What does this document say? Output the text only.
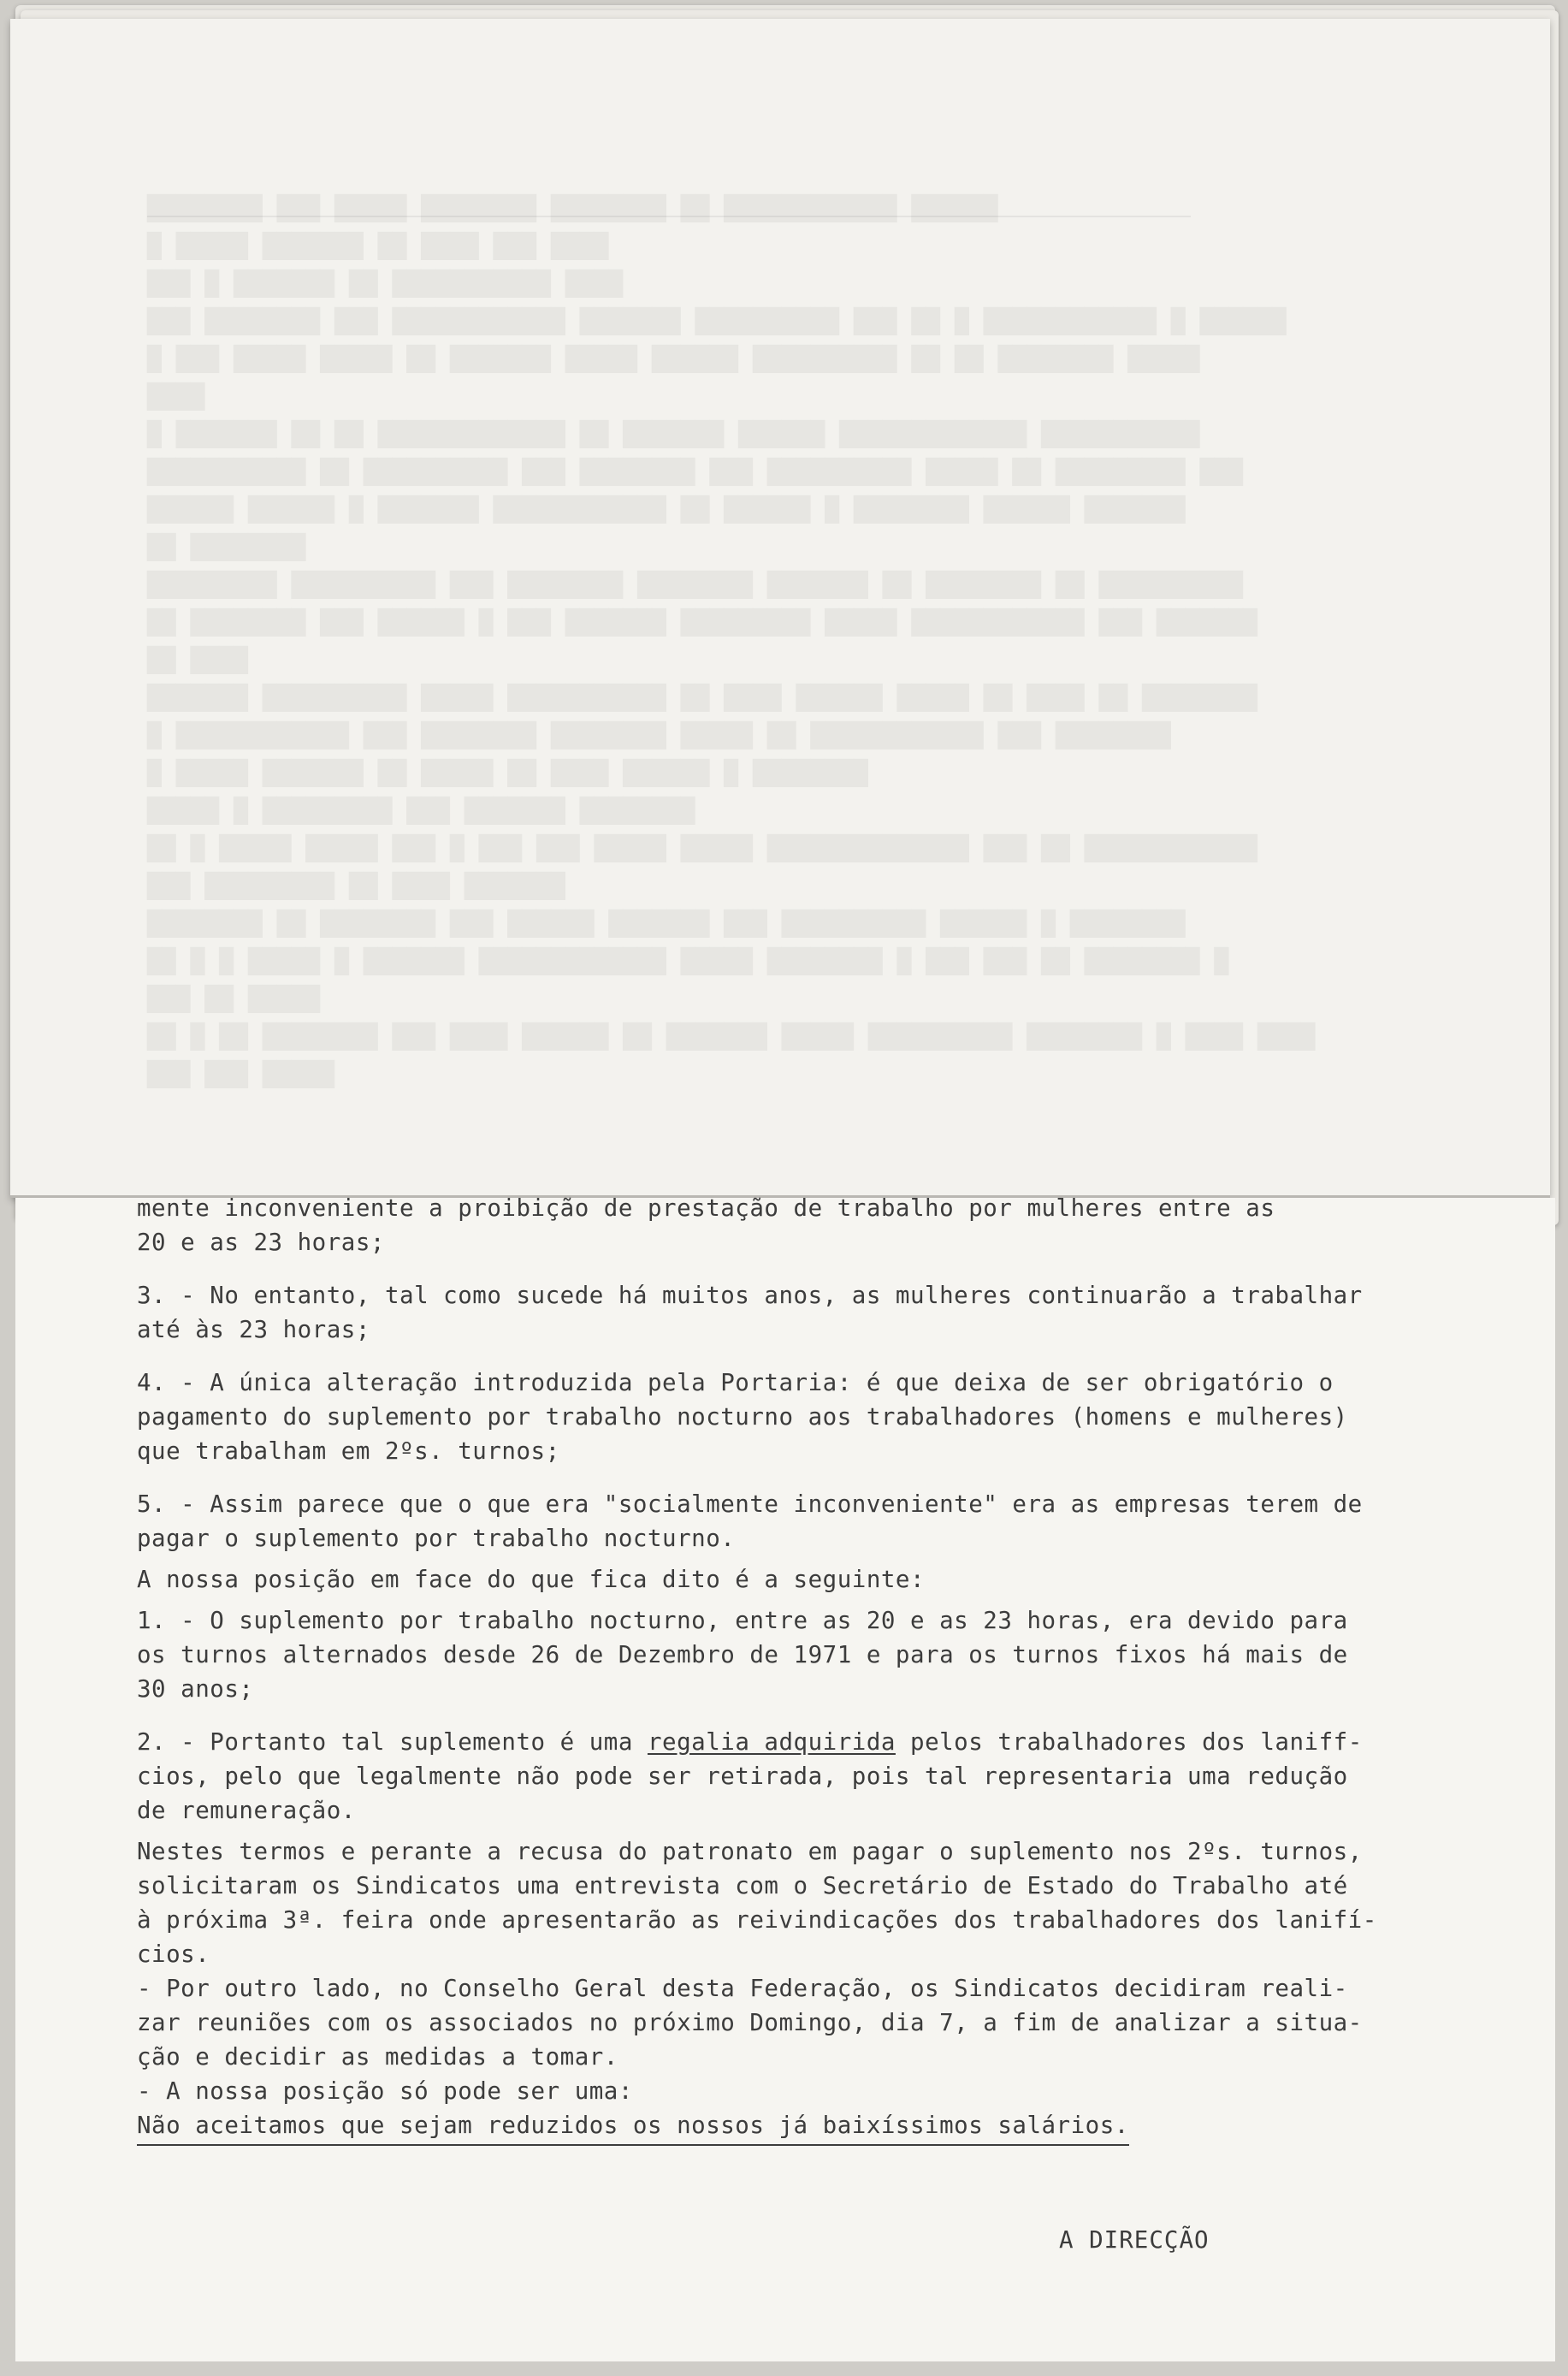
mente inconveniente a proibição de prestação de trabalho por mulheres entre as

20 e as 23 horas;

3. - No entanto, tal como sucede há muitos anos, as mulheres continuarão a trabalhar

até às 23 horas;

4. - A única alteração introduzida pela Portaria: é que deixa de ser obrigatório o

pagamento do suplemento por trabalho nocturno aos trabalhadores (homens e mulheres)

que trabalham em 2ºs. turnos;

5. - Assim parece que o que era "socialmente inconveniente" era as empresas terem de

pagar o suplemento por trabalho nocturno.

A nossa posição em face do que fica dito é a seguinte:

1. - O suplemento por trabalho nocturno, entre as 20 e as 23 horas, era devido para

os turnos alternados desde 26 de Dezembro de 1971 e para os turnos fixos há mais de

30 anos;

2. - Portanto tal suplemento é uma regalia adquirida pelos trabalhadores dos laniff-

cios, pelo que legalmente não pode ser retirada, pois tal representaria uma redução

de remuneração.

Nestes termos e perante a recusa do patronato em pagar o suplemento nos 2ºs. turnos,

solicitaram os Sindicatos uma entrevista com o Secretário de Estado do Trabalho até

à próxima 3ª. feira onde apresentarão as reivindicações dos trabalhadores dos lanifí-

cios.

- Por outro lado, no Conselho Geral desta Federação, os Sindicatos decidiram reali-

zar reuniões com os associados no próximo Domingo, dia 7, a fim de analizar a situa-

ção e decidir as medidas a tomar.

- A nossa posição só pode ser uma:

Não aceitamos que sejam reduzidos os nossos já baixíssimos salários.

A DIRECÇÃO
